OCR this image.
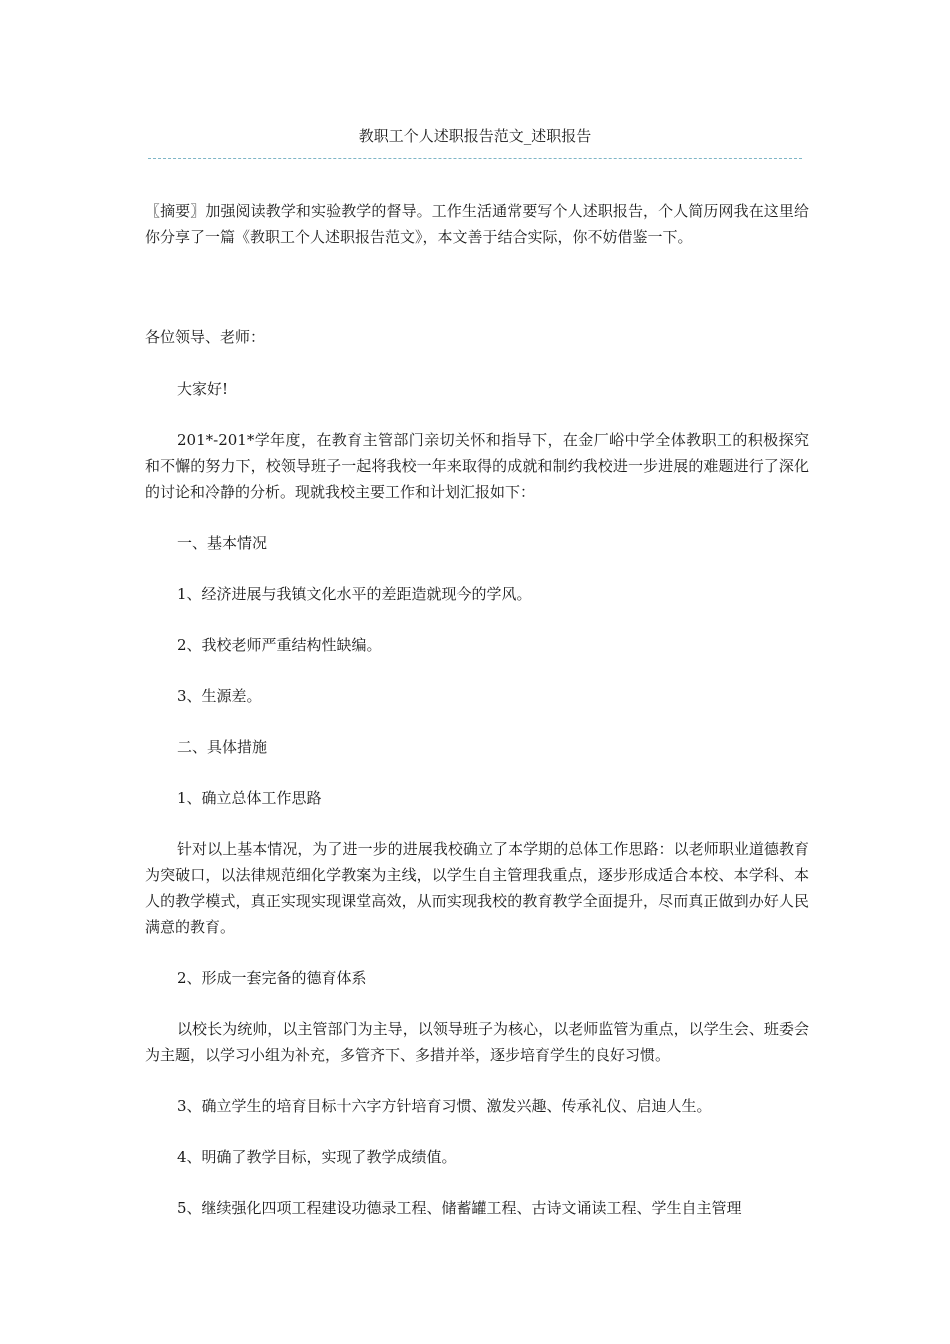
教职工个人述职报告范文_述职报告

〖摘要〗加强阅读教学和实验教学的督导。工作生活通常要写个人述职报告，个人简历网我在这里给你分享了一篇《教职工个人述职报告范文》，本文善于结合实际，你不妨借鉴一下。

各位领导、老师：

大家好!

201*-201*学年度，在教育主管部门亲切关怀和指导下，在金厂峪中学全体教职工的积极探究和不懈的努力下，校领导班子一起将我校一年来取得的成就和制约我校进一步进展的难题进行了深化的讨论和冷静的分析。现就我校主要工作和计划汇报如下：

一、基本情况

1、经济进展与我镇文化水平的差距造就现今的学风。

2、我校老师严重结构性缺编。

3、生源差。

二、具体措施

1、确立总体工作思路

针对以上基本情况，为了进一步的进展我校确立了本学期的总体工作思路：以老师职业道德教育为突破口，以法律规范细化学教案为主线，以学生自主管理我重点，逐步形成适合本校、本学科、本人的教学模式，真正实现实现课堂高效，从而实现我校的教育教学全面提升，尽而真正做到办好人民满意的教育。

2、形成一套完备的德育体系

以校长为统帅，以主管部门为主导，以领导班子为核心，以老师监管为重点，以学生会、班委会为主题，以学习小组为补充，多管齐下、多措并举，逐步培育学生的良好习惯。

3、确立学生的培育目标十六字方针培育习惯、激发兴趣、传承礼仪、启迪人生。

4、明确了教学目标，实现了教学成绩值。

5、继续强化四项工程建设功德录工程、储蓄罐工程、古诗文诵读工程、学生自主管理
